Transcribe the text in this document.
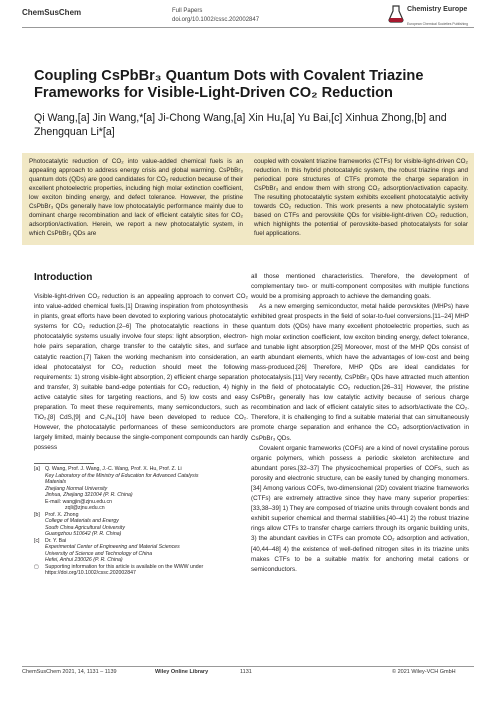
ChemSusChem	Full Papers
doi.org/10.1002/cssc.202002847
Chemistry Europe
European Chemical Societies Publishing
Coupling CsPbBr₃ Quantum Dots with Covalent Triazine Frameworks for Visible-Light-Driven CO₂ Reduction
Qi Wang,[a] Jin Wang,*[a] Ji-Chong Wang,[a] Xin Hu,[a] Yu Bai,[c] Xinhua Zhong,[b] and Zhengquan Li*[a]
Photocatalytic reduction of CO₂ into value-added chemical fuels is an appealing approach to address energy crisis and global warming. CsPbBr₃ quantum dots (QDs) are good candidates for CO₂ reduction because of their excellent photoelectric properties, including high molar extinction coefficient, low exciton binding energy, and defect tolerance. However, the pristine CsPbBr₃ QDs generally have low photocatalytic performance mainly due to dominant charge recombination and lack of efficient catalytic sites for CO₂ adsorption/activation. Herein, we report a new photocatalytic system, in which CsPbBr₃ QDs are
coupled with covalent triazine frameworks (CTFs) for visible-light-driven CO₂ reduction. In this hybrid photocatalytic system, the robust triazine rings and periodical pore structures of CTFs promote the charge separation in CsPbBr₃ and endow them with strong CO₂ adsorption/activation capacity. The resulting photocatalytic system exhibits excellent photocatalytic activity towards CO₂ reduction. This work presents a new photocatalytic system based on CTFs and perovskite QDs for visible-light-driven CO₂ reduction, which highlights the potential of perovskite-based photocatalysts for solar fuel applications.
Introduction

Visible-light-driven CO₂ reduction is an appealing approach to convert CO₂ into value-added chemical fuels.[1] Drawing inspiration from photosynthesis in plants, great efforts have been devoted to exploring various photocatalytic systems for CO₂ reduction.[2–6] The photocatalytic reactions in these photocatalytic systems usually involve four steps: light absorption, electron-hole pairs separation, charge transfer to the catalytic sites, and surface catalytic reaction.[7] Taken the working mechanism into consideration, an ideal photocatalyst for CO₂ reduction should meet the following requirements: 1) strong visible-light absorption, 2) efficient charge separation and transfer, 3) suitable band-edge potentials for CO₂ reduction, 4) highly active catalytic sites for targeting reactions, and 5) low costs and easy preparation. To meet these requirements, many semiconductors, such as TiO₂,[8] CdS,[9] and C₃N₄,[10] have been developed to reduce CO₂. However, the photocatalytic performances of these semiconductors are largely limited, mainly because the single-component compounds can hardly possess

all those mentioned characteristics. Therefore, the development of complementary two- or multi-component composites with multiple functions would be a promising approach to achieve the demanding goals.

As a new emerging semiconductor, metal halide perovskites (MHPs) have exhibited great prospects in the field of solar-to-fuel conversions.[11–24] MHP quantum dots (QDs) have many excellent photoelectric properties, such as high molar extinction coefficient, low exciton binding energy, defect tolerance, and tunable light absorption.[25] Moreover, most of the MHP QDs consist of earth abundant elements, which have the advantages of low-cost and being mass-produced.[26] Therefore, MHP QDs are ideal candidates for photocatalysis.[11] Very recently, CsPbBr₃ QDs have attracted much attention in the field of photocatalytic CO₂ reduction.[26–31] However, the pristine CsPbBr₃ generally has low catalytic activity because of serious charge recombination and lack of efficient catalytic sites to adsorb/activate the CO₂. Therefore, it is challenging to find a suitable material that can simultaneously promote charge separation and enhance the CO₂ adsorption/activation in CsPbBr₃ QDs.

Covalent organic frameworks (COFs) are a kind of novel crystalline porous organic polymers, which possess a periodic skeleton architecture and abundant pores.[32–37] The physicochemical properties of COFs, such as porosity and electronic structure, can be easily tuned by changing monomers.[34] Among various COFs, two-dimensional (2D) covalent triazine frameworks (CTFs) are extremely attractive since they have many superior properties:[33,38–39] 1) They are composed of triazine units through covalent bonds and exhibit superior chemical and thermal stabilities,[40–41] 2) the robust triazine rings allow CTFs to transfer charge carriers through its organic building units, 3) the abundant cavities in CTFs can promote CO₂ adsorption and activation,[40,44–48] 4) the existence of well-defined nitrogen sites in its triazine units makes CTFs to be a suitable matrix for anchoring metal cations or semiconductors.

[a]	Q. Wang, Prof. J. Wang, J.-C. Wang, Prof. X. Hu, Prof. Z. Li
Key Laboratory of the Ministry of Education for Advanced Catalysis
Materials
Zhejiang Normal University
Jinhua, Zhejiang 321004 (P. R. China)
E-mail: wangjin@zjnu.edu.cn
zqli@zjnu.edu.cn
[b]	Prof. X. Zhong
College of Materials and Energy
South China Agricultural University
Guangzhou 510642 (P. R. China)
[c]	Dr. Y. Bai
Experimental Center of Engineering and Material Sciences
University of Science and Technology of China
Hefei, Anhui 230026 (P. R. China)
▢	Supporting information for this article is available on the WWW under
https://doi.org/10.1002/cssc.202002847
ChemSusChem 2021, 14, 1131 – 1139	Wiley Online Library	1131	© 2021 Wiley-VCH GmbH
